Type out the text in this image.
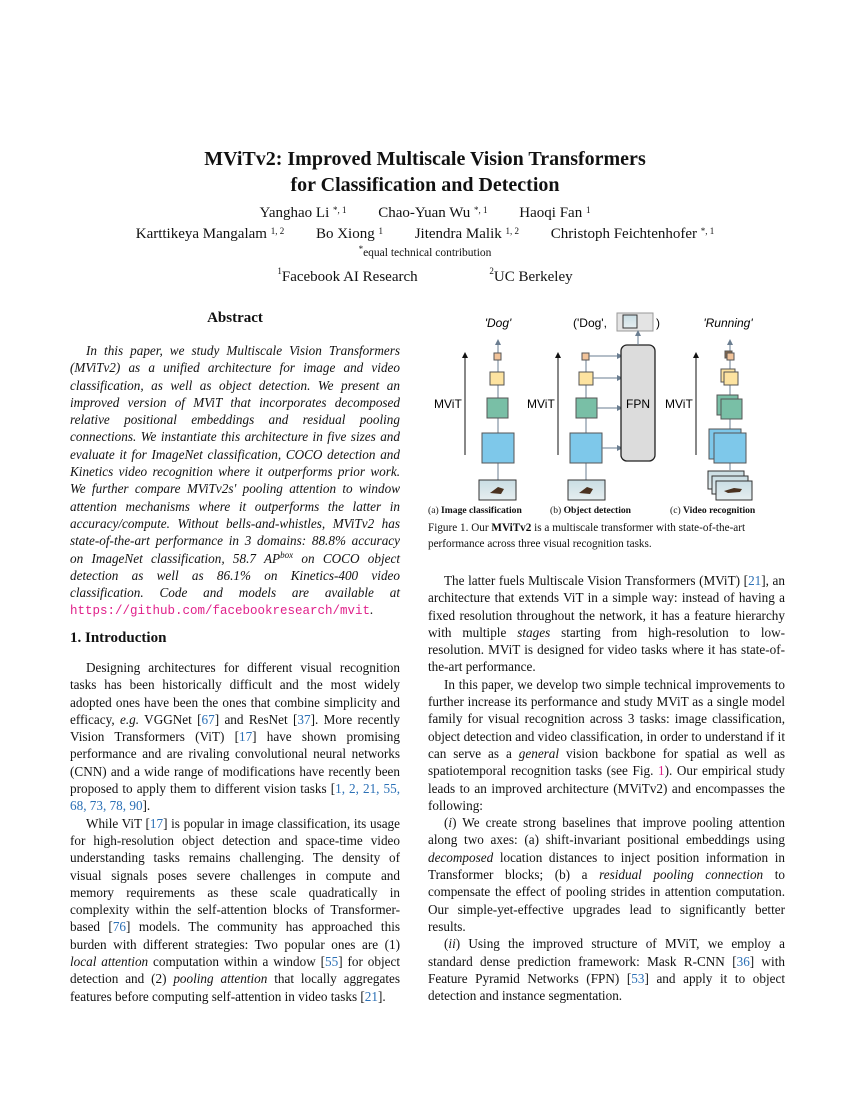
MViTv2: Improved Multiscale Vision Transformers
for Classification and Detection
Yanghao Li $^{*, 1}$ Chao-Yuan Wu $^{*, 1}$ Haoqi Fan $^1$
Karttikeya Mangalam $^{1, 2}$ Bo Xiong $^1$ Jitendra Malik $^{1, 2}$ Christoph Feichtenhofer $^{*, 1}$
*equal technical contribution
$^1$Facebook AI Research	$^2$UC Berkeley
Abstract

In this paper, we study Multiscale Vision Transformers (MViTv2) as a unified architecture for image and video classification, as well as object detection. We present an improved version of MViT that incorporates decomposed relative positional embeddings and residual pooling connections. We instantiate this architecture in five sizes and evaluate it for ImageNet classification, COCO detection and Kinetics video recognition where it outperforms prior work. We further compare MViTv2s' pooling attention to window attention mechanisms where it outperforms the latter in accuracy/compute. Without bells-and-whistles, MViTv2 has state-of-the-art performance in 3 domains: 88.8% accuracy on ImageNet classification, 58.7 $AP^{box}$ on COCO object detection as well as 86.1% on Kinetics-400 video classification. Code and models are available at https://github.com/facebookresearch/mvit.

1. Introduction

Designing architectures for different visual recognition tasks has been historically difficult and the most widely adopted ones have been the ones that combine simplicity and efficacy, e.g. VGGNet [67] and ResNet [37]. More recently Vision Transformers (ViT) [17] have shown promising performance and are rivaling convolutional neural networks (CNN) and a wide range of modifications have recently been proposed to apply them to different vision tasks [1, 2, 21, 55, 68, 73, 78, 90].

While ViT [17] is popular in image classification, its usage for high-resolution object detection and space-time video understanding tasks remains challenging. The density of visual signals poses severe challenges in compute and memory requirements as these scale quadratically in complexity within the self-attention blocks of Transformer-based [76] models. The community has approached this burden with different strategies: Two popular ones are (1) local attention computation within a window [55] for object detection and (2) pooling attention that locally aggregates features before computing self-attention in video tasks [21].

'Dog'
MViT
('Dog',	)
MViT	FPN
'Running'
MViT
(a) Image classification	(b) Object detection	(c) Video recognition
Figure 1. Our MViTv2 is a multiscale transformer with state-of-the-art performance across three visual recognition tasks.

The latter fuels Multiscale Vision Transformers (MViT) [21], an architecture that extends ViT in a simple way: instead of having a fixed resolution throughout the network, it has a feature hierarchy with multiple stages starting from high-resolution to low-resolution. MViT is designed for video tasks where it has state-of-the-art performance.

In this paper, we develop two simple technical improvements to further increase its performance and study MViT as a single model family for visual recognition across 3 tasks: image classification, object detection and video classification, in order to understand if it can serve as a general vision backbone for spatial as well as spatiotemporal recognition tasks (see Fig. 1). Our empirical study leads to an improved architecture (MViTv2) and encompasses the following:

(i) We create strong baselines that improve pooling attention along two axes: (a) shift-invariant positional embeddings using decomposed location distances to inject position information in Transformer blocks; (b) a residual pooling connection to compensate the effect of pooling strides in attention computation. Our simple-yet-effective upgrades lead to significantly better results.

(ii) Using the improved structure of MViT, we employ a standard dense prediction framework: Mask R-CNN [36] with Feature Pyramid Networks (FPN) [53] and apply it to object detection and instance segmentation.
